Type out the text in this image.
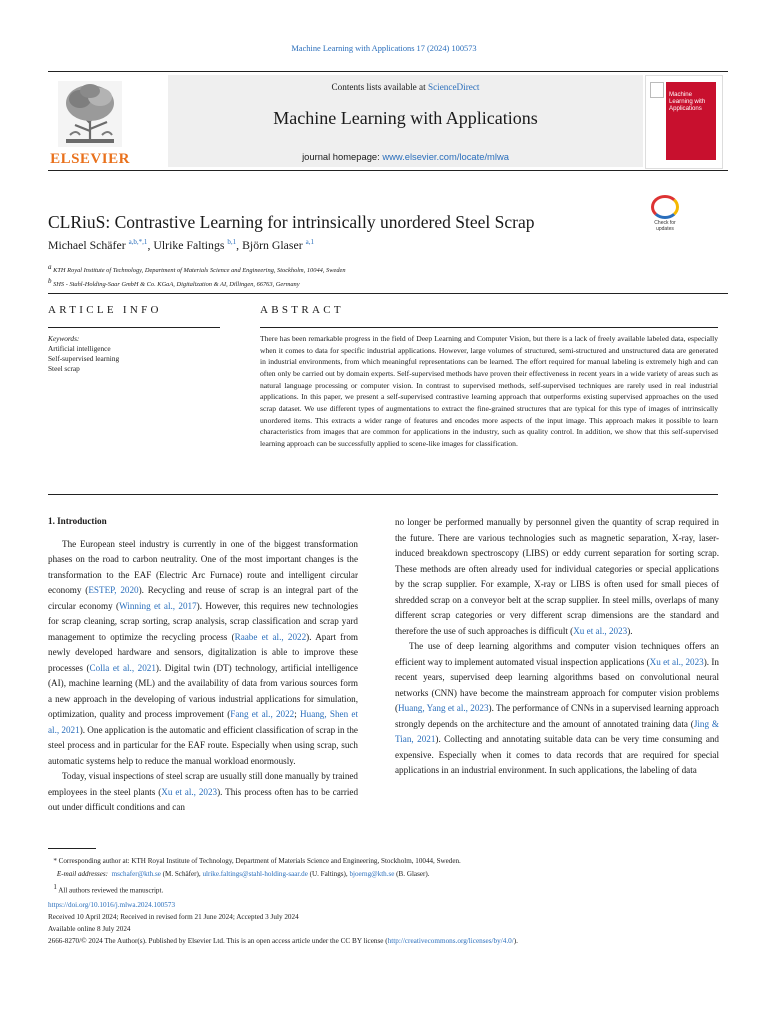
Machine Learning with Applications 17 (2024) 100573
ELSEVIER
Contents lists available at ScienceDirect
Machine Learning with Applications
journal homepage: www.elsevier.com/locate/mlwa
Machine Learning with Applications
CLRiuS: Contrastive Learning for intrinsically unordered Steel Scrap	Check for updates
Michael Schäfer $^{a,b,*,1}$, Ulrike Faltings $^{b,1}$, Björn Glaser $^{a,1}$
$^a$ KTH Royal Institute of Technology, Department of Materials Science and Engineering, Stockholm, 10044, Sweden
$^b$ SHS - Stahl-Holding-Saar GmbH & Co. KGaA, Digitalization & AI, Dillingen, 66763, Germany
ARTICLE INFO	ABSTRACT
Keywords:
Artificial intelligence
Self-supervised learning
Steel scrap
There has been remarkable progress in the field of Deep Learning and Computer Vision, but there is a lack of freely available labeled data, especially when it comes to data for specific industrial applications. However, large volumes of structured, semi-structured and unstructured data are generated in industrial environments, from which meaningful representations can be learned. The effort required for manual labeling is extremely high and can often only be carried out by domain experts. Self-supervised methods have proven their effectiveness in recent years in a wide variety of areas such as natural language processing or computer vision. In contrast to supervised methods, self-supervised techniques are rarely used in real industrial applications. In this paper, we present a self-supervised contrastive learning approach that outperforms existing supervised approaches on the used scrap dataset. We use different types of augmentations to extract the fine-grained structures that are typical for this type of images of intrinsically unordered items. This extracts a wider range of features and encodes more aspects of the input image. This approach makes it possible to learn characteristics from images that are common for applications in the industry, such as quality control. In addition, we show that this self-supervised learning approach can be successfully applied to scene-like images for classification.

1. Introduction

The European steel industry is currently in one of the biggest transformation phases on the road to carbon neutrality. One of the most important changes is the transformation to the EAF (Electric Arc Furnace) route and intelligent circular economy (ESTEP, 2020). Recycling and reuse of scrap is an integral part of the circular economy (Winning et al., 2017). However, this requires new technologies for scrap cleaning, scrap sorting, scrap analysis, scrap classification and scrap yard management to optimize the recycling process (Raabe et al., 2022). Apart from newly developed hardware and sensors, digitalization is able to improve these processes (Colla et al., 2021). Digital twin (DT) technology, artificial intelligence (AI), machine learning (ML) and the availability of data from various sources form a new approach in the developing of various industrial applications for simulation, optimization, quality and process improvement (Fang et al., 2022; Huang, Shen et al., 2021). One application is the automatic and efficient classification of scrap in the steel process and in particular for the EAF route. Especially when using scrap, such automatic systems help to reduce the manual workload enormously.

Today, visual inspections of steel scrap are usually still done manually by trained employees in the steel plants (Xu et al., 2023). This process often has to be carried out under difficult conditions and can

no longer be performed manually by personnel given the quantity of scrap required in the future. There are various technologies such as magnetic separation, X-ray, laser-induced breakdown spectroscopy (LIBS) or eddy current separation for sorting scrap. These methods are often already used for individual categories or special applications by the scrap supplier. For example, X-ray or LIBS is often used for small pieces of shredded scrap on a conveyor belt at the scrap supplier. In steel mills, overlaps of many different scrap categories or very different scrap dimensions are the standard and therefore the use of such approaches is difficult (Xu et al., 2023).

The use of deep learning algorithms and computer vision techniques offers an efficient way to implement automated visual inspection applications (Xu et al., 2023). In recent years, supervised deep learning algorithms based on convolutional neural networks (CNN) have become the mainstream approach for computer vision problems (Huang, Yang et al., 2023). The performance of CNNs in a supervised learning approach strongly depends on the architecture and the amount of annotated training data (Jing & Tian, 2021). Collecting and annotating suitable data can be very time consuming and expensive. Especially when it comes to data records that are required for special applications in an industrial environment. In such applications, the labeling of data

* Corresponding author at: KTH Royal Institute of Technology, Department of Materials Science and Engineering, Stockholm, 10044, Sweden.
E-mail addresses: mschafer@kth.se (M. Schäfer), ulrike.faltings@stahl-holding-saar.de (U. Faltings), bjoerng@kth.se (B. Glaser).
$^1$ All authors reviewed the manuscript.
https://doi.org/10.1016/j.mlwa.2024.100573
Received 10 April 2024; Received in revised form 21 June 2024; Accepted 3 July 2024
Available online 8 July 2024
2666-8270/© 2024 The Author(s). Published by Elsevier Ltd. This is an open access article under the CC BY license (http://creativecommons.org/licenses/by/4.0/).
